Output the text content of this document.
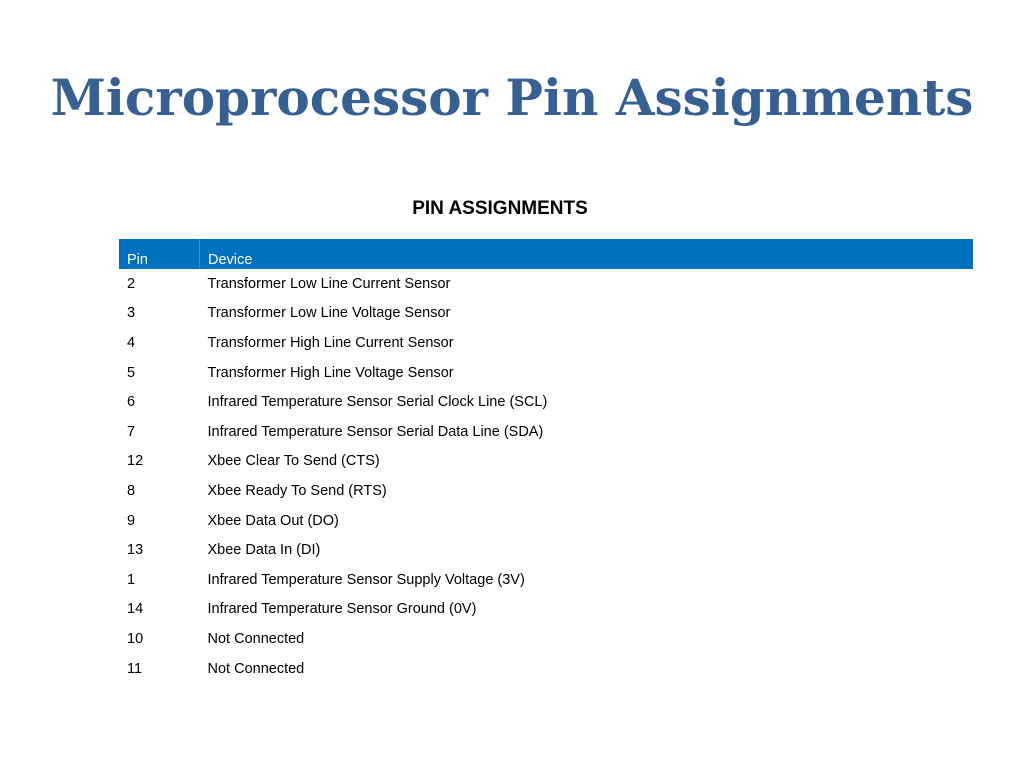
Microprocessor Pin Assignments
PIN ASSIGNMENTS
Pin	Device
2	Transformer Low Line Current Sensor
3	Transformer Low Line Voltage Sensor
4	Transformer High Line Current Sensor
5	Transformer High Line Voltage Sensor
6	Infrared Temperature Sensor Serial Clock Line (SCL)
7	Infrared Temperature Sensor Serial Data Line (SDA)
12	Xbee Clear To Send (CTS)
8	Xbee Ready To Send (RTS)
9	Xbee Data Out (DO)
13	Xbee Data In (DI)
1	Infrared Temperature Sensor Supply Voltage (3V)
14	Infrared Temperature Sensor Ground (0V)
10	Not Connected
11	Not Connected
